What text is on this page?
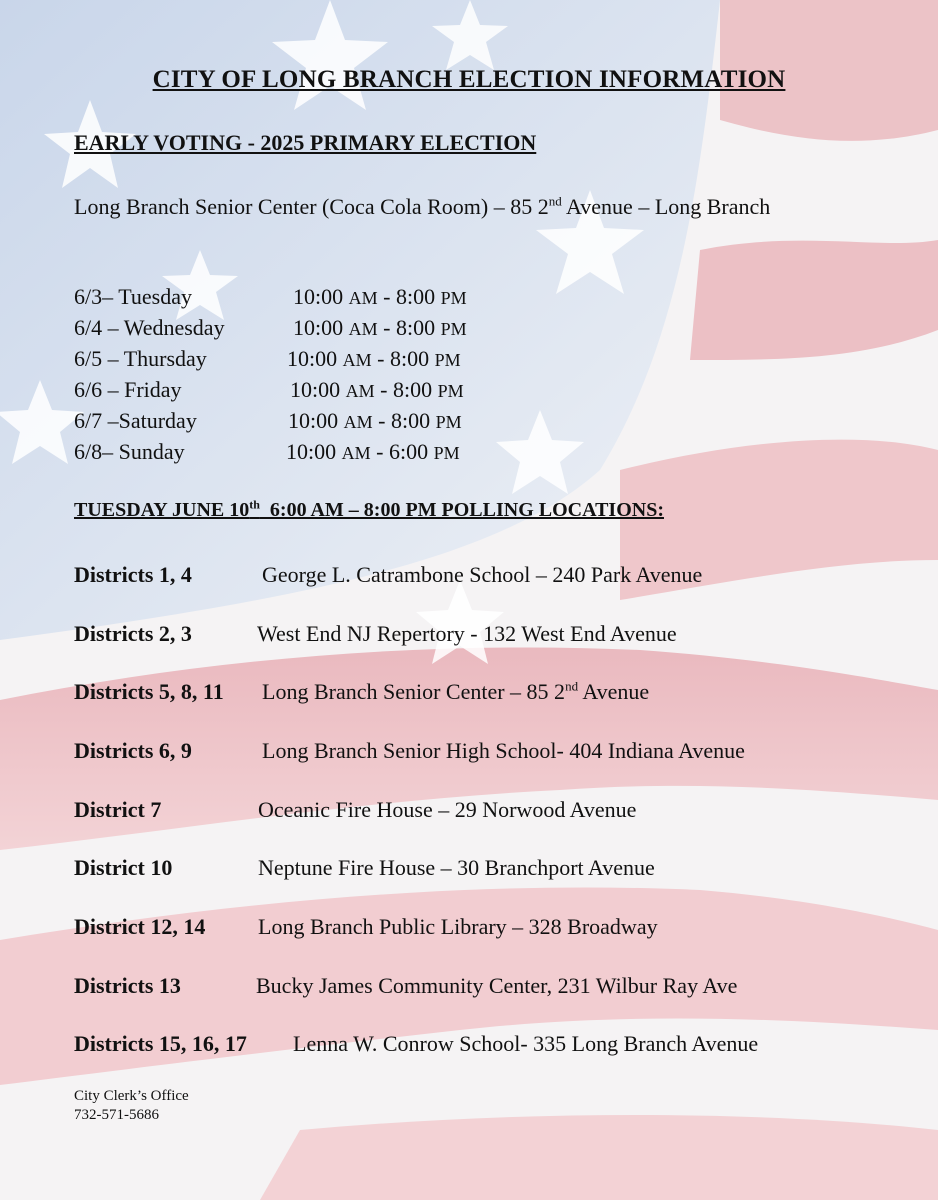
CITY OF LONG BRANCH ELECTION INFORMATION
EARLY VOTING - 2025 PRIMARY ELECTION
Long Branch Senior Center (Coca Cola Room) – 85 2nd Avenue – Long Branch
6/3– Tuesday	10:00 AM - 8:00 PM
6/4 – Wednesday	10:00 AM - 8:00 PM
6/5 – Thursday	10:00 AM - 8:00 PM
6/6 – Friday	10:00 AM - 8:00 PM
6/7 –Saturday	10:00 AM - 8:00 PM
6/8– Sunday	10:00 AM - 6:00 PM
TUESDAY JUNE 10th  6:00 AM – 8:00 PM POLLING LOCATIONS:
Districts 1, 4	George L. Catrambone School – 240 Park Avenue
Districts 2, 3	West End NJ Repertory - 132 West End Avenue
Districts 5, 8, 11 Long Branch Senior Center – 85 2nd Avenue
Districts 6, 9	Long Branch Senior High School- 404 Indiana Avenue
District 7	Oceanic Fire House – 29 Norwood Avenue
District 10	Neptune Fire House – 30 Branchport Avenue
District 12, 14 Long Branch Public Library – 328 Broadway
Districts 13	Bucky James Community Center, 231 Wilbur Ray Ave
Districts 15, 16, 17 Lenna W. Conrow School- 335 Long Branch Avenue
City Clerk’s Office
732-571-5686
